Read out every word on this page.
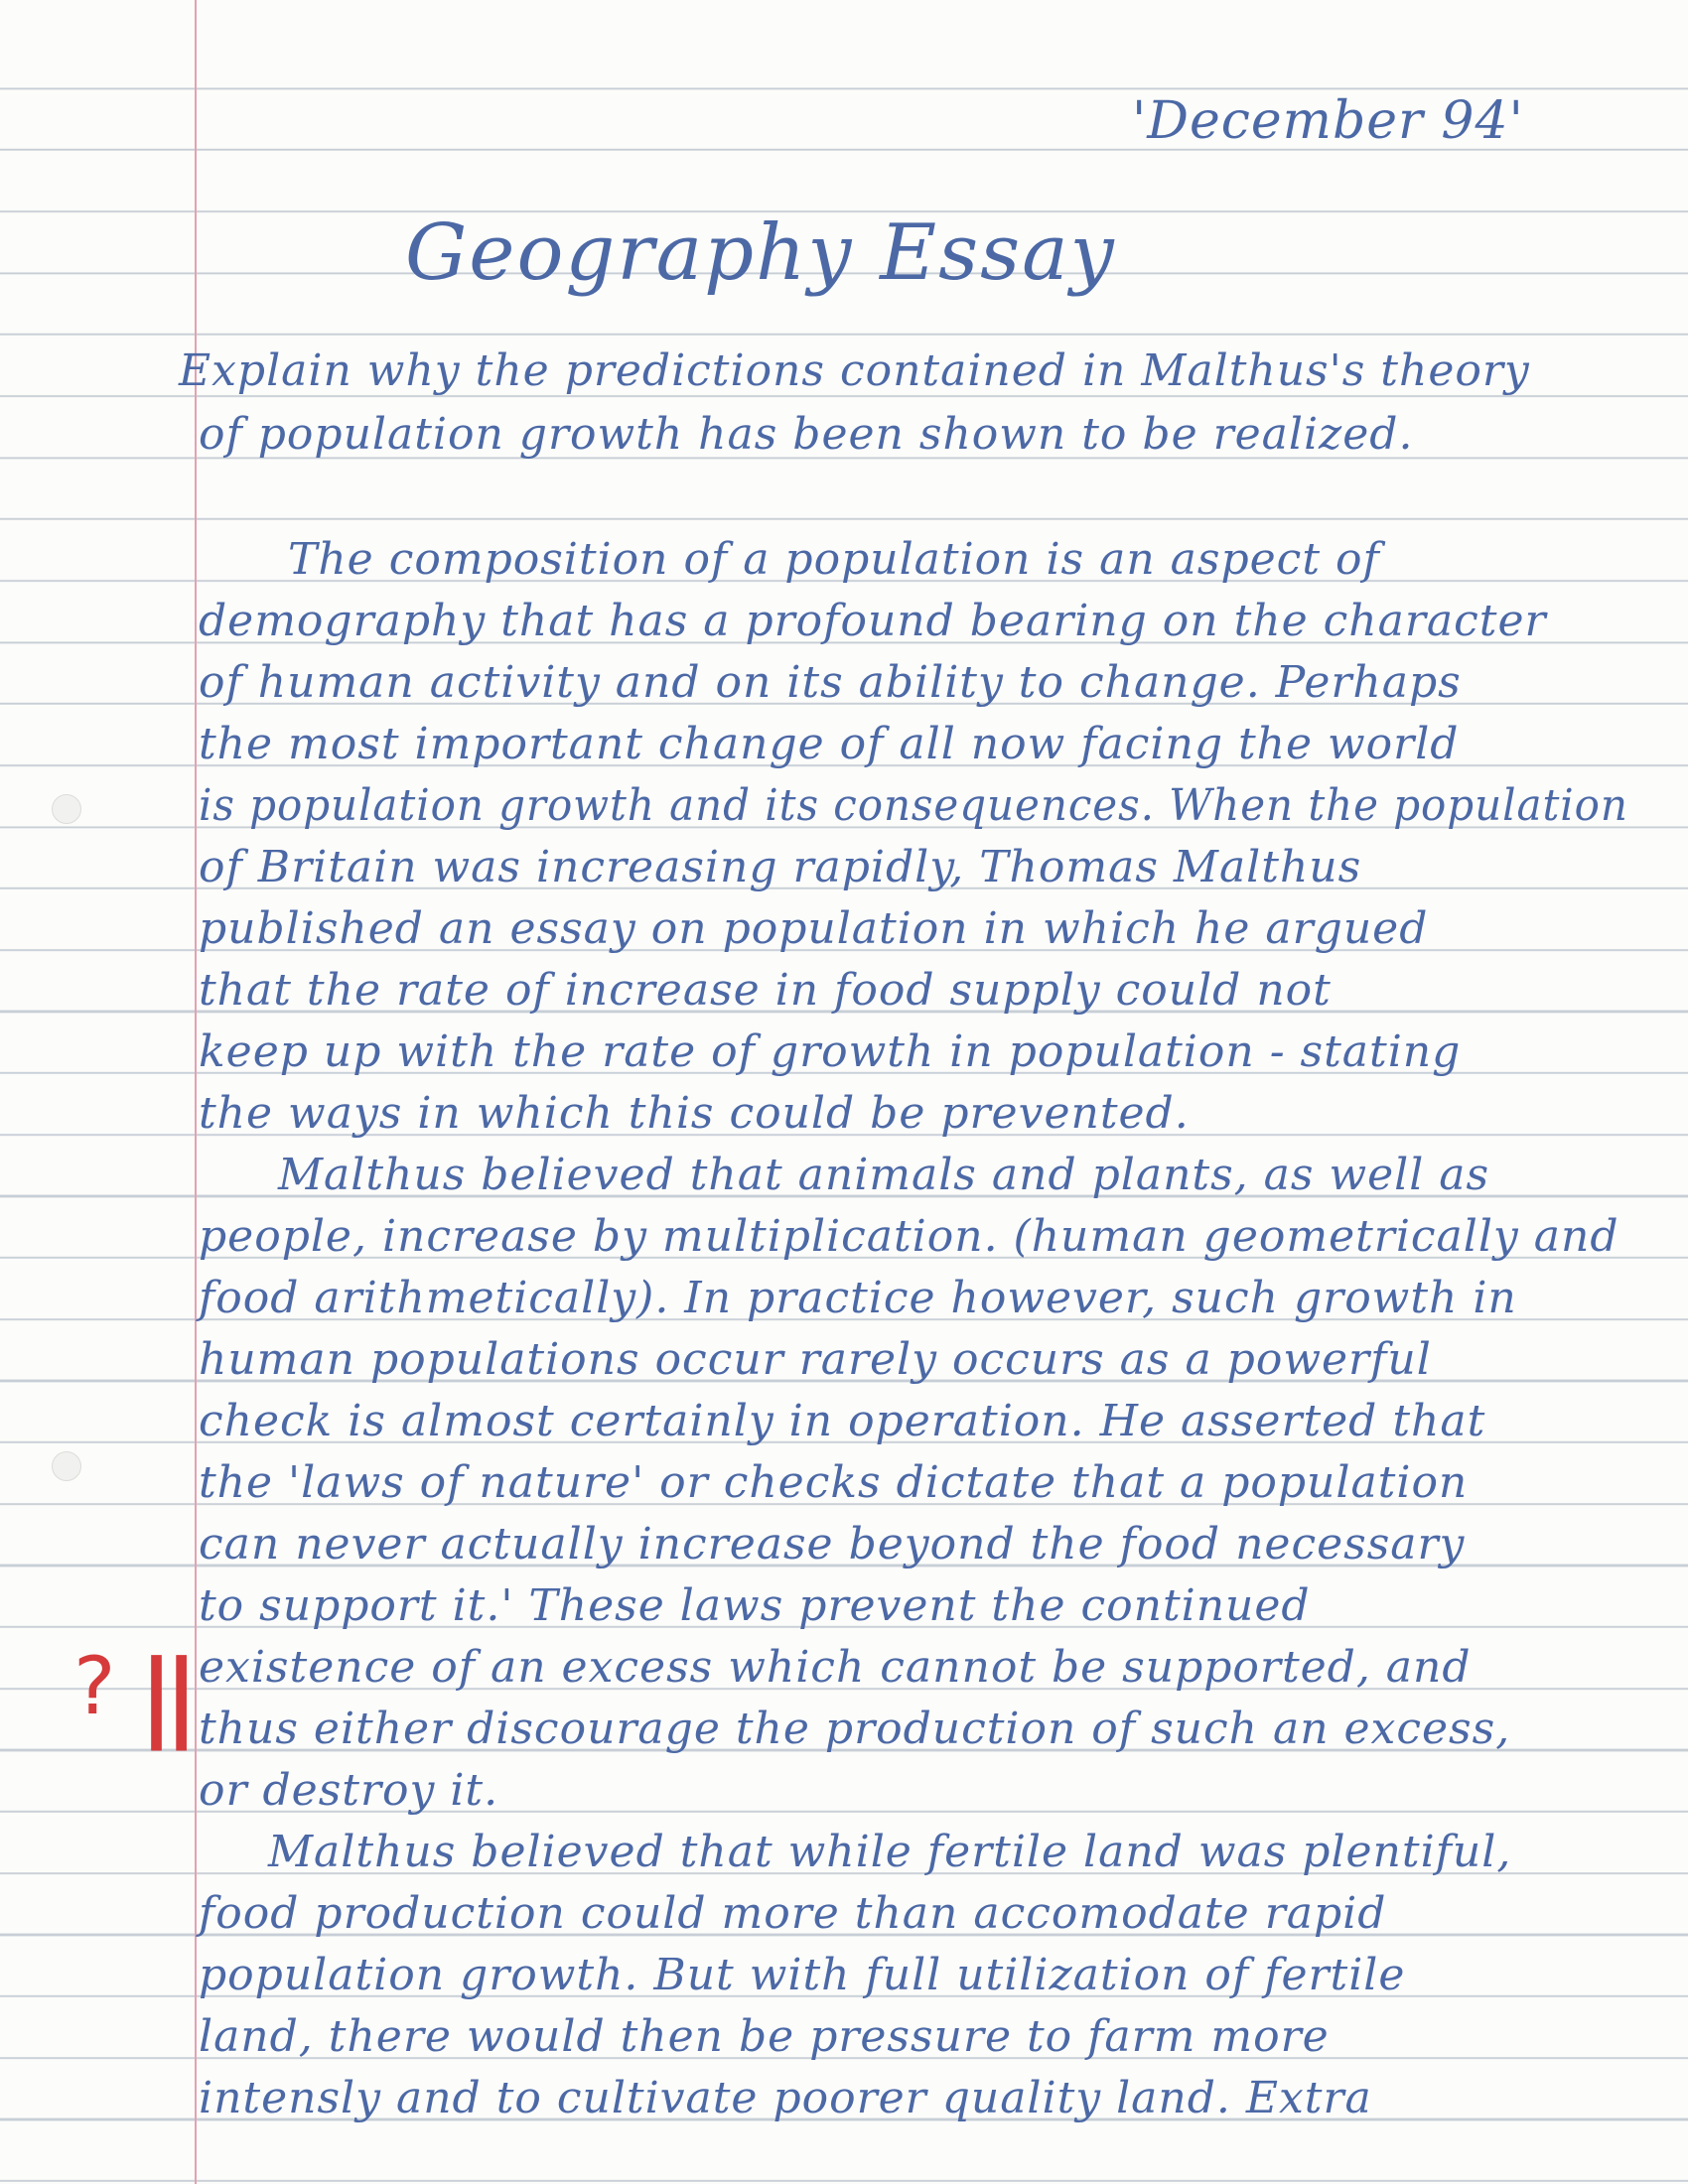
'December 94'
Geography Essay
Explain why the predictions contained in Malthus's theory
of population growth has been shown to be realized.
The composition of a population is an aspect of
demography that has a profound bearing on the character
of human activity and on its ability to change. Perhaps
the most important change of all now facing the world
is population growth and its consequences. When the population
of Britain was increasing rapidly, Thomas Malthus
published an essay on population in which he argued
that the rate of increase in food supply could not
keep up with the rate of growth in population - stating
the ways in which this could be prevented.
Malthus believed that animals and plants, as well as
people, increase by multiplication. (human geometrically and
food arithmetically). In practice however, such growth in
human populations occur rarely occurs as a powerful
check is almost certainly in operation. He asserted that
the 'laws of nature' or checks dictate that a population
can never actually increase beyond the food necessary
to support it.' These laws prevent the continued
existence of an excess which cannot be supported, and
thus either discourage the production of such an excess,
or destroy it.
Malthus believed that while fertile land was plentiful,
food production could more than accomodate rapid
population growth. But with full utilization of fertile
land, there would then be pressure to farm more
intensly and to cultivate poorer quality land. Extra
? ||
